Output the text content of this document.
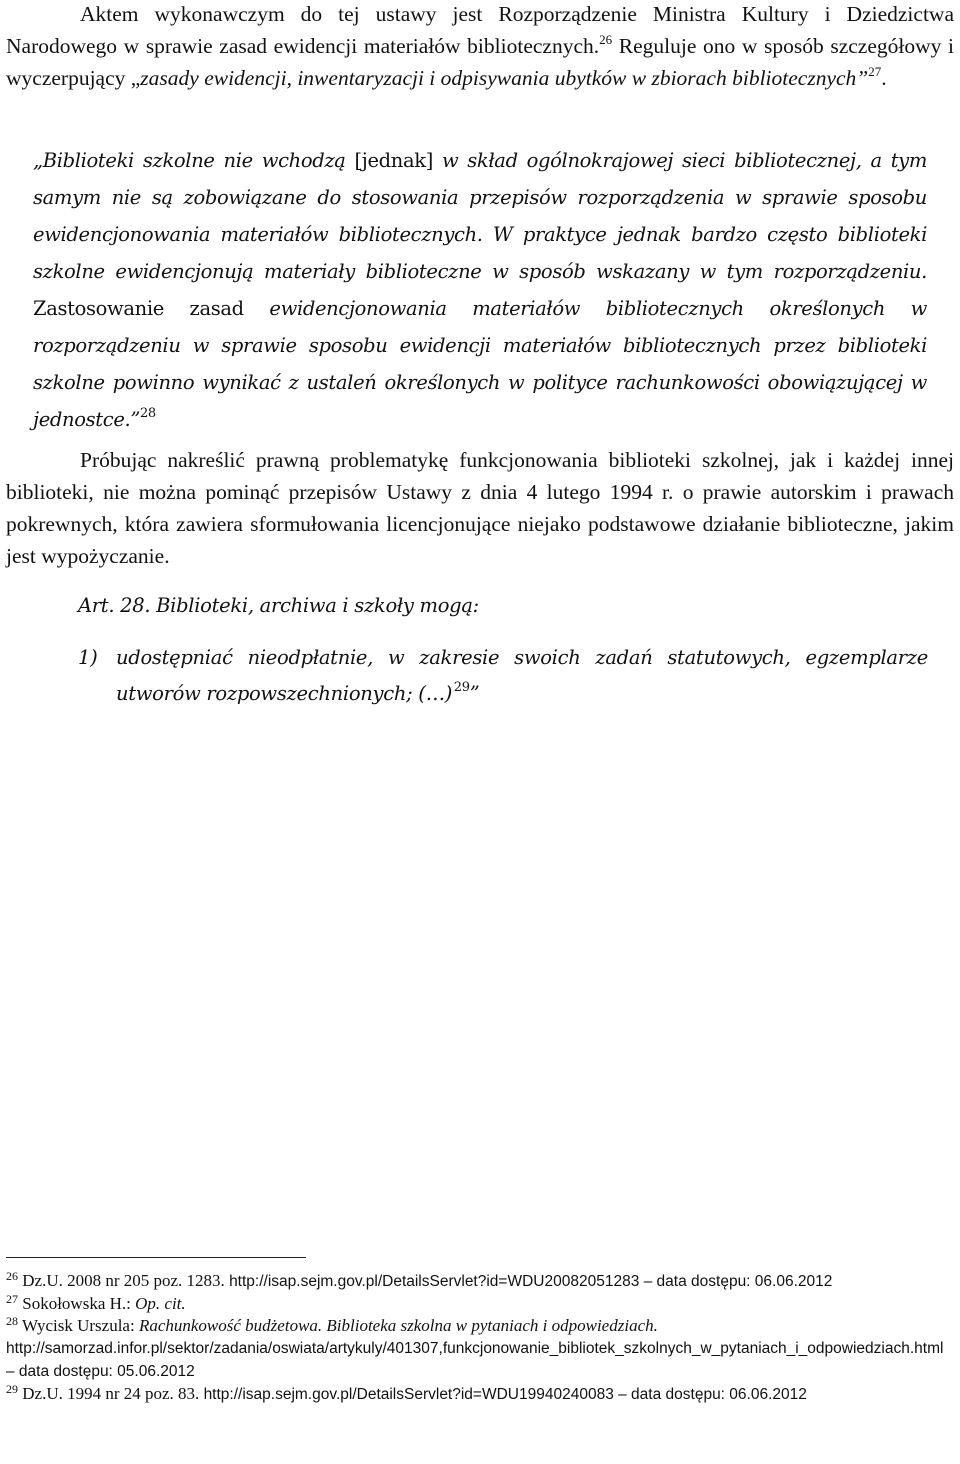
Aktem wykonawczym do tej ustawy jest Rozporządzenie Ministra Kultury i Dziedzictwa Narodowego w sprawie zasad ewidencji materiałów bibliotecznych.$^{26}$ Reguluje ono w sposób szczegółowy i wyczerpujący „zasady ewidencji, inwentaryzacji i odpisywania ubytków w zbiorach bibliotecznych”$^{27}$.

„Biblioteki szkolne nie wchodzą [jednak] w skład ogólnokrajowej sieci bibliotecznej, a tym samym nie są zobowiązane do stosowania przepisów rozporządzenia w sprawie sposobu ewidencjonowania materiałów bibliotecznych. W praktyce jednak bardzo często biblioteki szkolne ewidencjonują materiały biblioteczne w sposób wskazany w tym rozporządzeniu. Zastosowanie zasad ewidencjonowania materiałów bibliotecznych określonych w rozporządzeniu w sprawie sposobu ewidencji materiałów bibliotecznych przez biblioteki szkolne powinno wynikać z ustaleń określonych w polityce rachunkowości obowiązującej w jednostce.”$^{28}$

Próbując nakreślić prawną problematykę funkcjonowania biblioteki szkolnej, jak i każdej innej biblioteki, nie można pominąć przepisów Ustawy z dnia 4 lutego 1994 r. o prawie autorskim i prawach pokrewnych, która zawiera sformułowania licencjonujące niejako podstawowe działanie biblioteczne, jakim jest wypożyczanie.

Art. 28. Biblioteki, archiwa i szkoły mogą:

1) udostępniać nieodpłatnie, w zakresie swoich zadań statutowych, egzemplarze utworów rozpowszechnionych; (…)  $^{29}$”

$^{26}$ Dz.U. 2008 nr 205 poz. 1283. http://isap.sejm.gov.pl/DetailsServlet?id=WDU20082051283 – data dostępu: 06.06.2012

$^{27}$ Sokołowska H.: Op. cit.

$^{28}$ Wycisk Urszula: Rachunkowość budżetowa. Biblioteka szkolna w pytaniach i odpowiedziach.
http://samorzad.infor.pl/sektor/zadania/oswiata/artykuly/401307,funkcjonowanie_bibliotek_szkolnych_w_pytaniach_i_odpowiedziach.html – data dostępu: 05.06.2012

$^{29}$ Dz.U. 1994 nr 24 poz. 83. http://isap.sejm.gov.pl/DetailsServlet?id=WDU19940240083 – data dostępu: 06.06.2012
